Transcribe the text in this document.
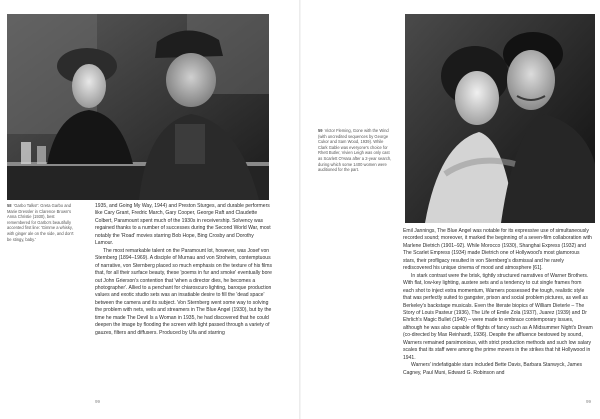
58 'Garbo Talks!': Greta Garbo and Marie Dressler in Clarence Brown's Anna Christie (1930), best remembered for Garbo's beautifully accented first line: 'Gimme a whisky, with ginger ale on the side, and don't be stingy, baby.'

1935, and Going My Way, 1944) and Preston Sturges, and durable performers like Cary Grant, Fredric March, Gary Cooper, George Raft and Claudette Colbert, Paramount spent much of the 1930s in receivership. Solvency was regained thanks to a number of successes during the Second World War, most notably the 'Road' movies starring Bob Hope, Bing Crosby and Dorothy Lamour.

The most remarkable talent on the Paramount lot, however, was Josef von Sternberg (1894–1969). A disciple of Murnau and von Stroheim, contemptuous of narrative, von Sternberg placed so much emphasis on the texture of his films that, for all their surface beauty, these 'poems in fur and smoke' eventually bore out John Grierson's contention that 'when a director dies, he becomes a photographer'. Allied to a penchant for chiaroscuro lighting, baroque production values and exotic studio sets was an insatiable desire to fill the 'dead space' between the camera and its subject. Von Sternberg went some way to solving the problem with nets, veils and streamers in The Blue Angel (1930), but by the time he made The Devil Is a Woman in 1935, he had discovered that he could deepen the image by flooding the screen with light passed through a variety of gauzes, filters and diffusers. Produced by Ufa and starring

99
59 Victor Fleming, Gone with the Wind (with uncredited sequences by George Cukor and Sam Wood, 1939). While Clark Gable was everyone's choice for Rhett Butler, Vivien Leigh was only cast as Scarlett O'Hara after a 2-year search, during which some 1400 women were auditioned for the part.

Emil Jannings, The Blue Angel was notable for its expressive use of simultaneously recorded sound; moreover, it marked the beginning of a seven-film collaboration with Marlene Dietrich (1901–92). While Morocco (1930), Shanghai Express (1932) and The Scarlet Empress (1934) made Dietrich one of Hollywood's most glamorous stars, their profligacy resulted in von Sternberg's dismissal and he rarely rediscovered his unique cinema of mood and atmosphere [61].

In stark contrast were the brisk, tightly structured narratives of Warner Brothers. With flat, low-key lighting, austere sets and a tendency to cut single frames from each shot to inject extra momentum, Warners possessed the tough, realistic style that was perfectly suited to gangster, prison and social problem pictures, as well as Berkeley's backstage musicals. Even the literate biopics of William Dieterle – The Story of Louis Pasteur (1936), The Life of Emile Zola (1937), Juarez (1939) and Dr Ehrlich's Magic Bullet (1940) – were made to embrace contemporary issues, although he was also capable of flights of fancy such as A Midsummer Night's Dream (co-directed by Max Reinhardt, 1936). Despite the affluence bestowed by sound, Warners remained parsimonious, with strict production methods and such low salary scales that its staff were among the prime movers in the strikes that hit Hollywood in 1941.

Warners' indefatigable stars included Bette Davis, Barbara Stanwyck, James Cagney, Paul Muni, Edward G. Robinson and

99
